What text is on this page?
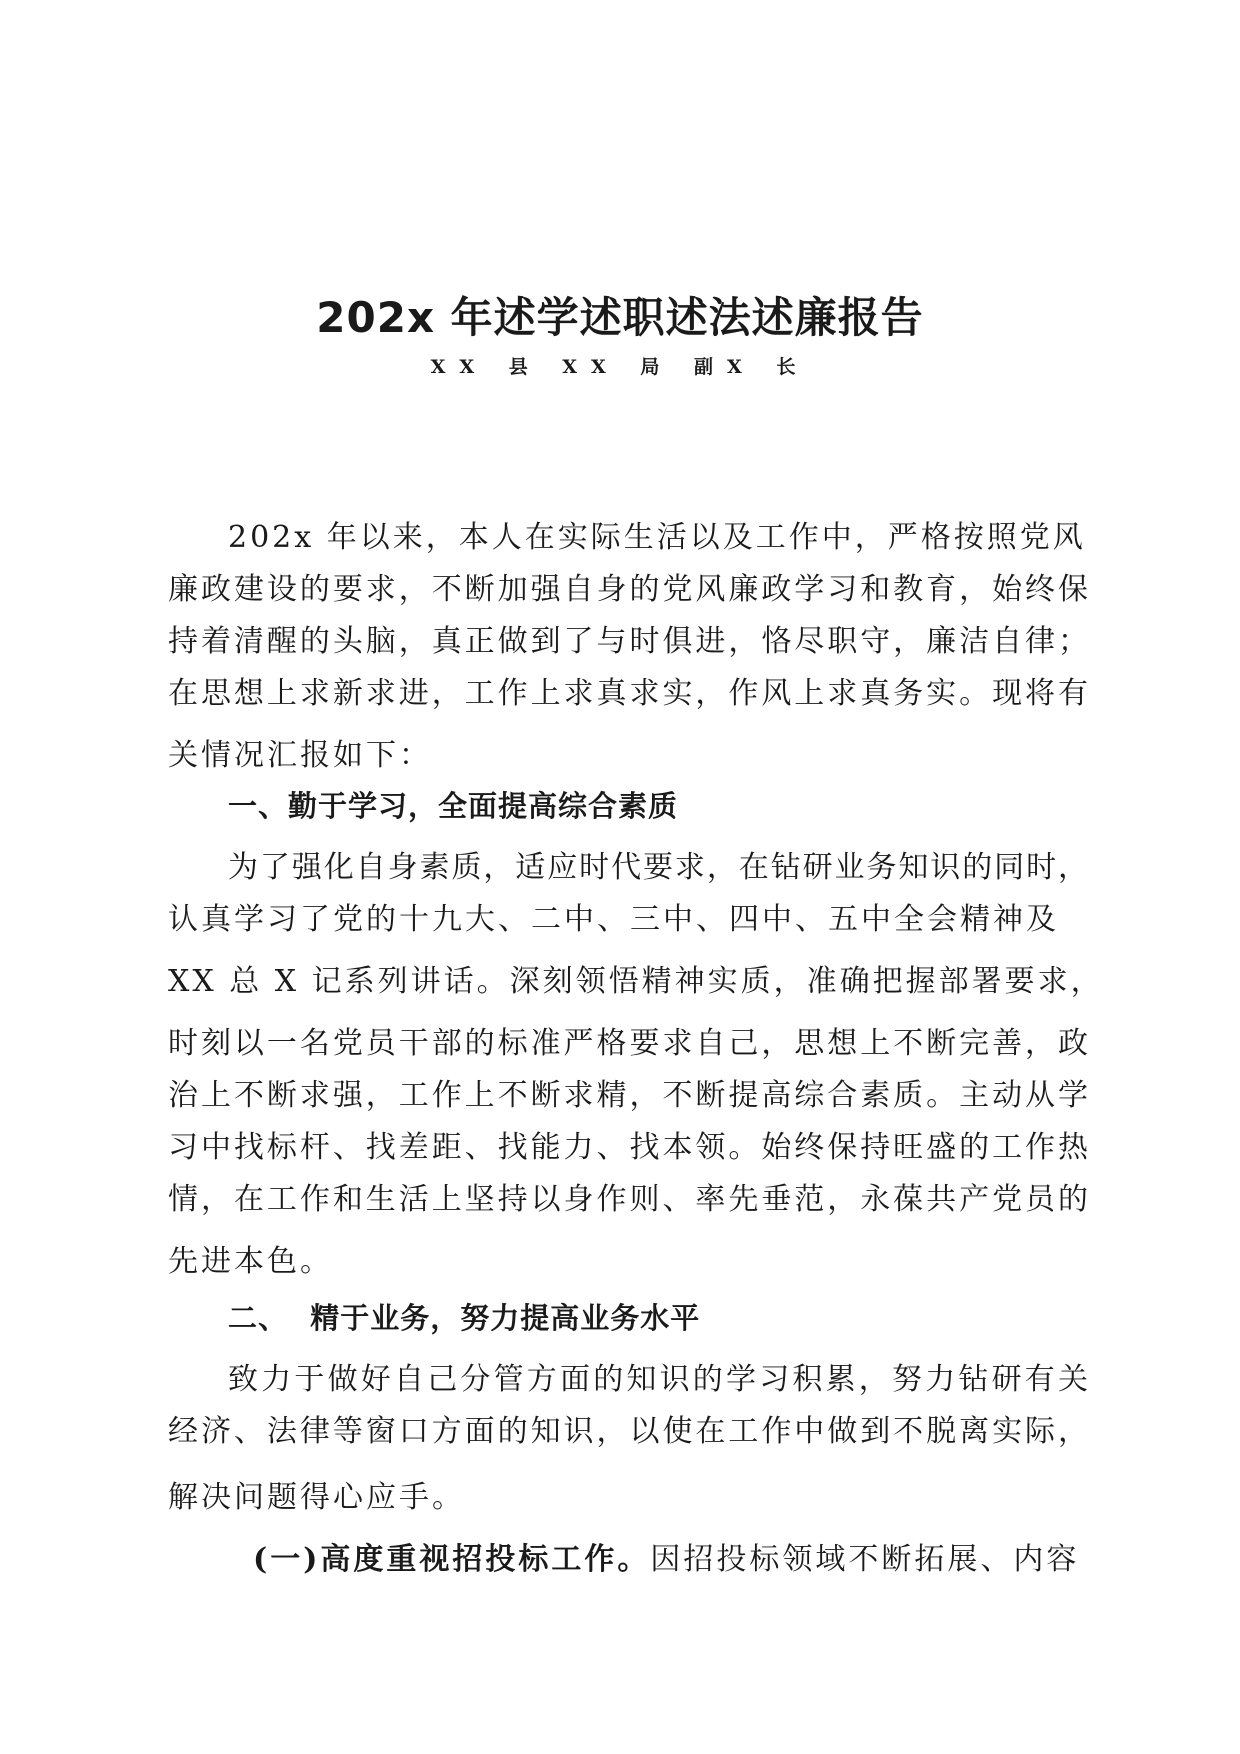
202x 年述学述职述法述廉报告
XX 县 XX 局 副X 长
202x 年以来，本人在实际生活以及工作中，严格按照党风
廉政建设的要求，不断加强自身的党风廉政学习和教育，始终保
持着清醒的头脑，真正做到了与时俱进，恪尽职守，廉洁自律；
在思想上求新求进，工作上求真求实，作风上求真务实。现将有
关情况汇报如下：
一、勤于学习，全面提高综合素质
为了强化自身素质，适应时代要求，在钻研业务知识的同时，
认真学习了党的十九大、二中、三中、四中、五中全会精神及
XX 总 X 记系列讲话。深刻领悟精神实质，准确把握部署要求，
时刻以一名党员干部的标准严格要求自己，思想上不断完善，政
治上不断求强，工作上不断求精，不断提高综合素质。主动从学
习中找标杆、找差距、找能力、找本领。始终保持旺盛的工作热
情，在工作和生活上坚持以身作则、率先垂范，永葆共产党员的
先进本色。
二、  精于业务，努力提高业务水平
致力于做好自己分管方面的知识的学习积累，努力钻研有关
经济、法律等窗口方面的知识，以使在工作中做到不脱离实际，
解决问题得心应手。
(一)高度重视招投标工作。因招投标领域不断拓展、内容
